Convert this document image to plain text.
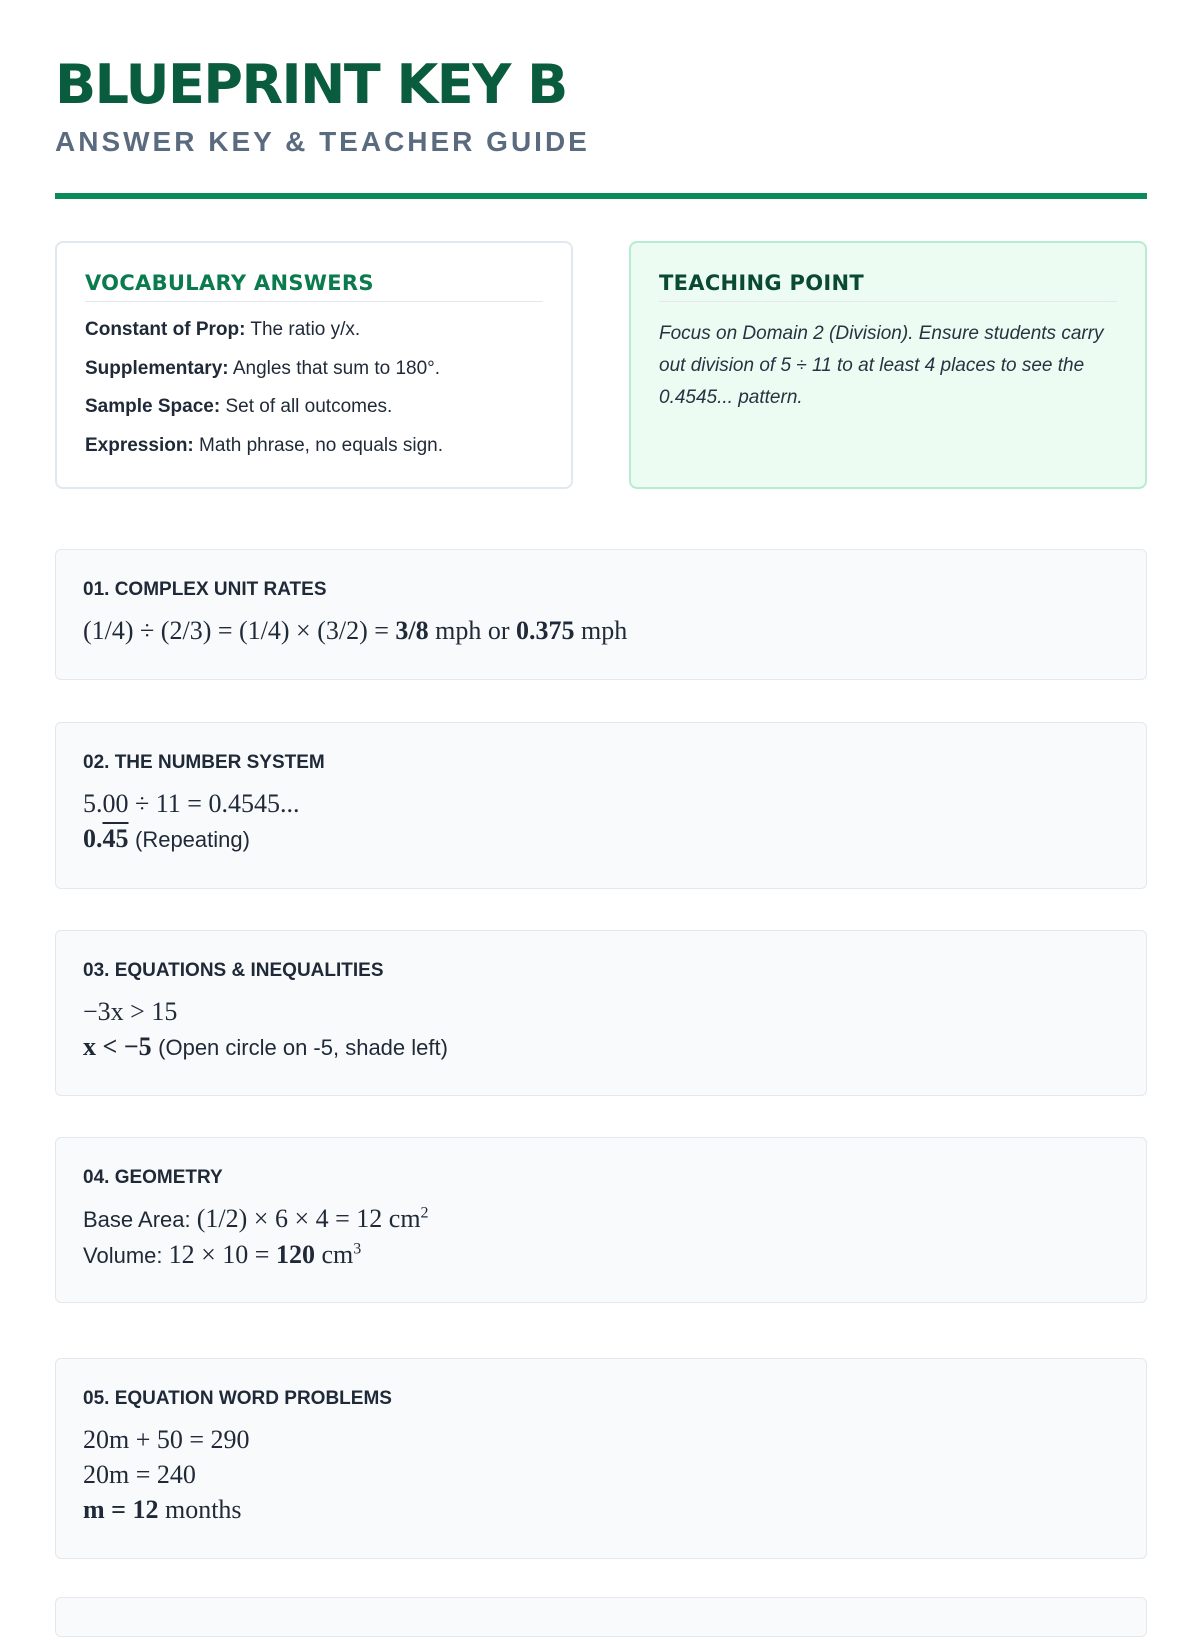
BLUEPRINT KEY B
ANSWER KEY & TEACHER GUIDE
VOCABULARY ANSWERS
Constant of Prop: The ratio y/x.
Supplementary: Angles that sum to 180°.
Sample Space: Set of all outcomes.
Expression: Math phrase, no equals sign.
TEACHING POINT
Focus on Domain 2 (Division). Ensure students carry out division of 5 ÷ 11 to at least 4 places to see the 0.4545... pattern.
01. COMPLEX UNIT RATES
(1/4) ÷ (2/3) = (1/4) × (3/2) = 3/8 mph or 0.375 mph
02. THE NUMBER SYSTEM
5.00 ÷ 11 = 0.4545...
0.45 (Repeating)
03. EQUATIONS & INEQUALITIES
−3x > 15
x < −5 (Open circle on -5, shade left)
04. GEOMETRY
Base Area: (1/2) × 6 × 4 = 12 $cm^2$
Volume: 12 × 10 = 120 $cm^3$
05. EQUATION WORD PROBLEMS
20m + 50 = 290
20m = 240
m = 12 months
